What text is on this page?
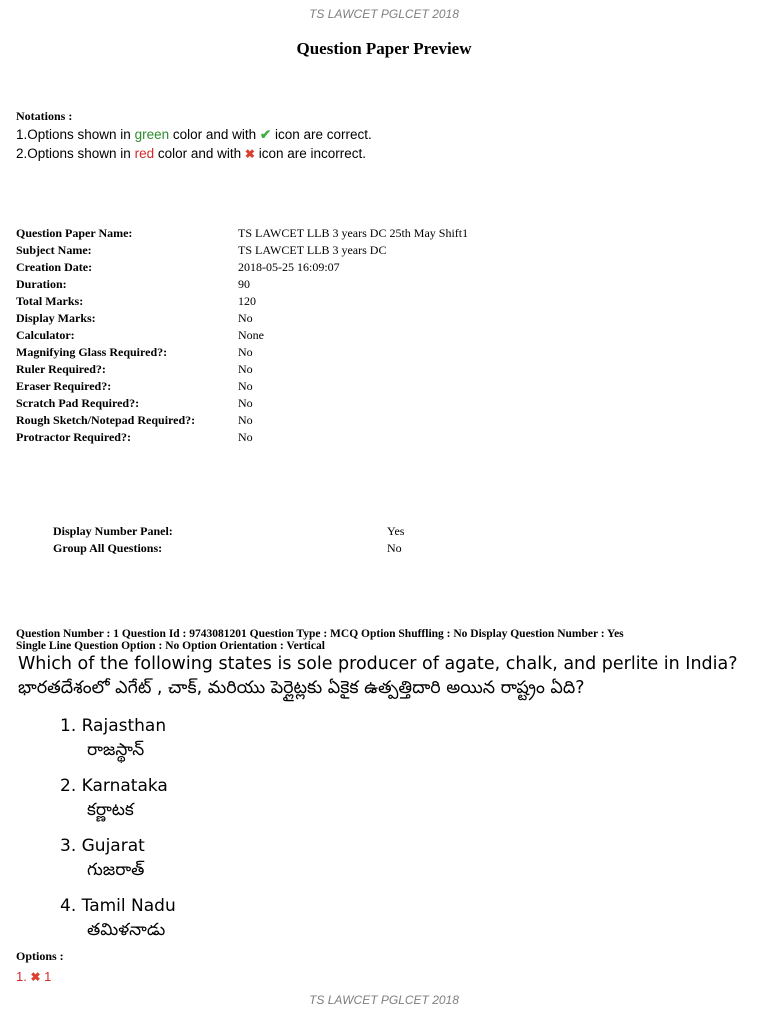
TS LAWCET PGLCET 2018
Question Paper Preview
Notations :
1.Options shown in green color and with ✔ icon are correct.
2.Options shown in red color and with ✖ icon are incorrect.
Question Paper Name:	TS LAWCET LLB 3 years DC 25th May Shift1
Subject Name:	TS LAWCET LLB 3 years DC
Creation Date:	2018-05-25 16:09:07
Duration:	90
Total Marks:	120
Display Marks:	No
Calculator:	None
Magnifying Glass Required?:	No
Ruler Required?:	No
Eraser Required?:	No
Scratch Pad Required?:	No
Rough Sketch/Notepad Required?:	No
Protractor Required?:	No
Display Number Panel:	Yes
Group All Questions:	No
Question Number : 1 Question Id : 9743081201 Question Type : MCQ Option Shuffling : No Display Question Number : Yes
Single Line Question Option : No Option Orientation : Vertical
Which of the following states is sole producer of agate, chalk, and perlite in India?
భారతదేశంలో ఎగేట్ , చాక్, మరియు పెర్లైట్లకు ఏకైక ఉత్పత్తిదారి అయిన రాష్ట్రం ఏది?
1. Rajasthan
రాజస్థాన్
2. Karnataka
కర్ణాటక
3. Gujarat
గుజరాత్
4. Tamil Nadu
తమిళనాడు
Options :
1. ✖ 1
TS LAWCET PGLCET 2018
